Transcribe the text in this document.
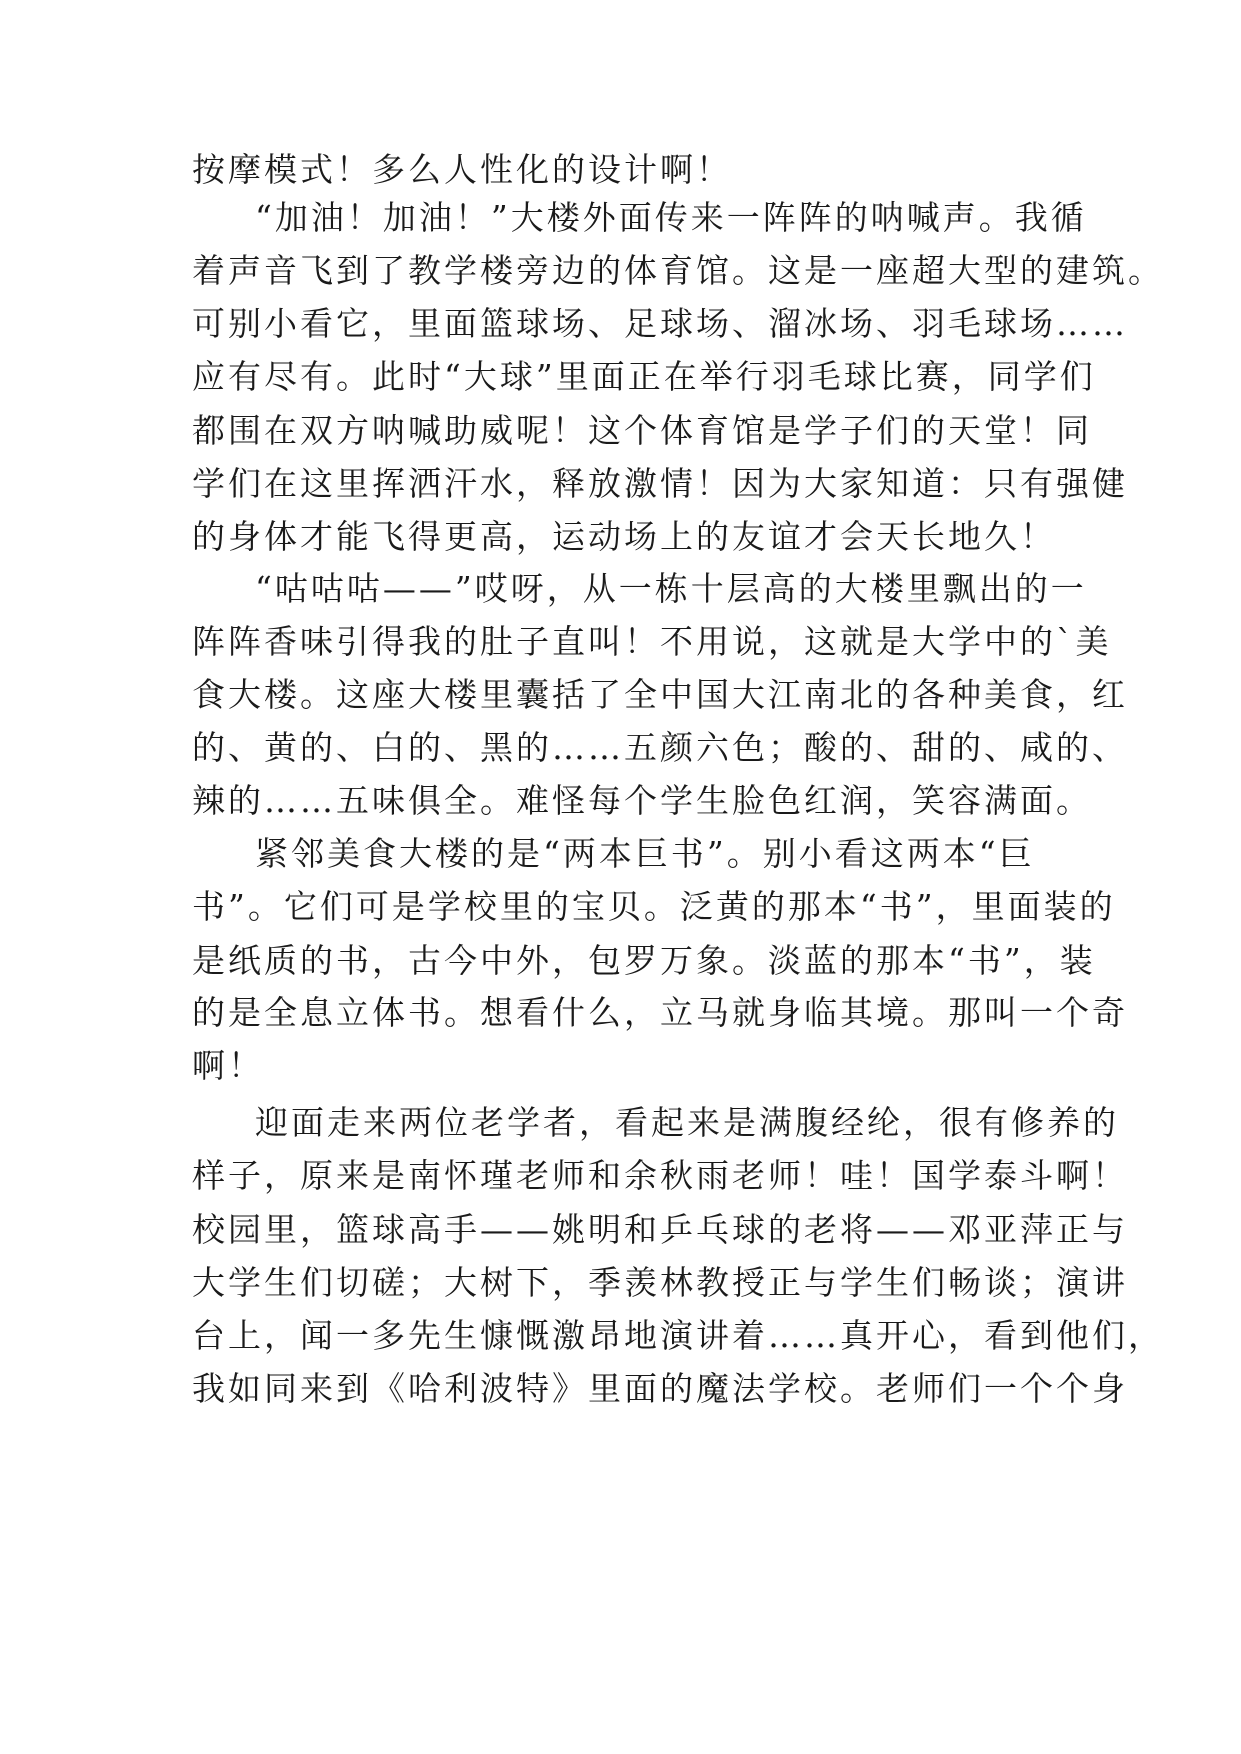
按摩模式！多么人性化的设计啊！
“加油！加油！”大楼外面传来一阵阵的呐喊声。我循
着声音飞到了教学楼旁边的体育馆。这是一座超大型的建筑。
可别小看它，里面篮球场、足球场、溜冰场、羽毛球场……
应有尽有。此时“大球”里面正在举行羽毛球比赛，同学们
都围在双方呐喊助威呢！这个体育馆是学子们的天堂！同
学们在这里挥洒汗水，释放激情！因为大家知道：只有强健
的身体才能飞得更高，运动场上的友谊才会天长地久！
“咕咕咕——”哎呀，从一栋十层高的大楼里飘出的一
阵阵香味引得我的肚子直叫！不用说，这就是大学中的`美
食大楼。这座大楼里囊括了全中国大江南北的各种美食，红
的、黄的、白的、黑的……五颜六色；酸的、甜的、咸的、
辣的……五味俱全。难怪每个学生脸色红润，笑容满面。
紧邻美食大楼的是“两本巨书”。别小看这两本“巨
书”。它们可是学校里的宝贝。泛黄的那本“书”，里面装的
是纸质的书，古今中外，包罗万象。淡蓝的那本“书”，装
的是全息立体书。想看什么，立马就身临其境。那叫一个奇
啊！
迎面走来两位老学者，看起来是满腹经纶，很有修养的
样子，原来是南怀瑾老师和余秋雨老师！哇！国学泰斗啊！
校园里，篮球高手——姚明和乒乓球的老将——邓亚萍正与
大学生们切磋；大树下，季羡林教授正与学生们畅谈；演讲
台上，闻一多先生慷慨激昂地演讲着……真开心，看到他们，
我如同来到《哈利波特》里面的魔法学校。老师们一个个身
